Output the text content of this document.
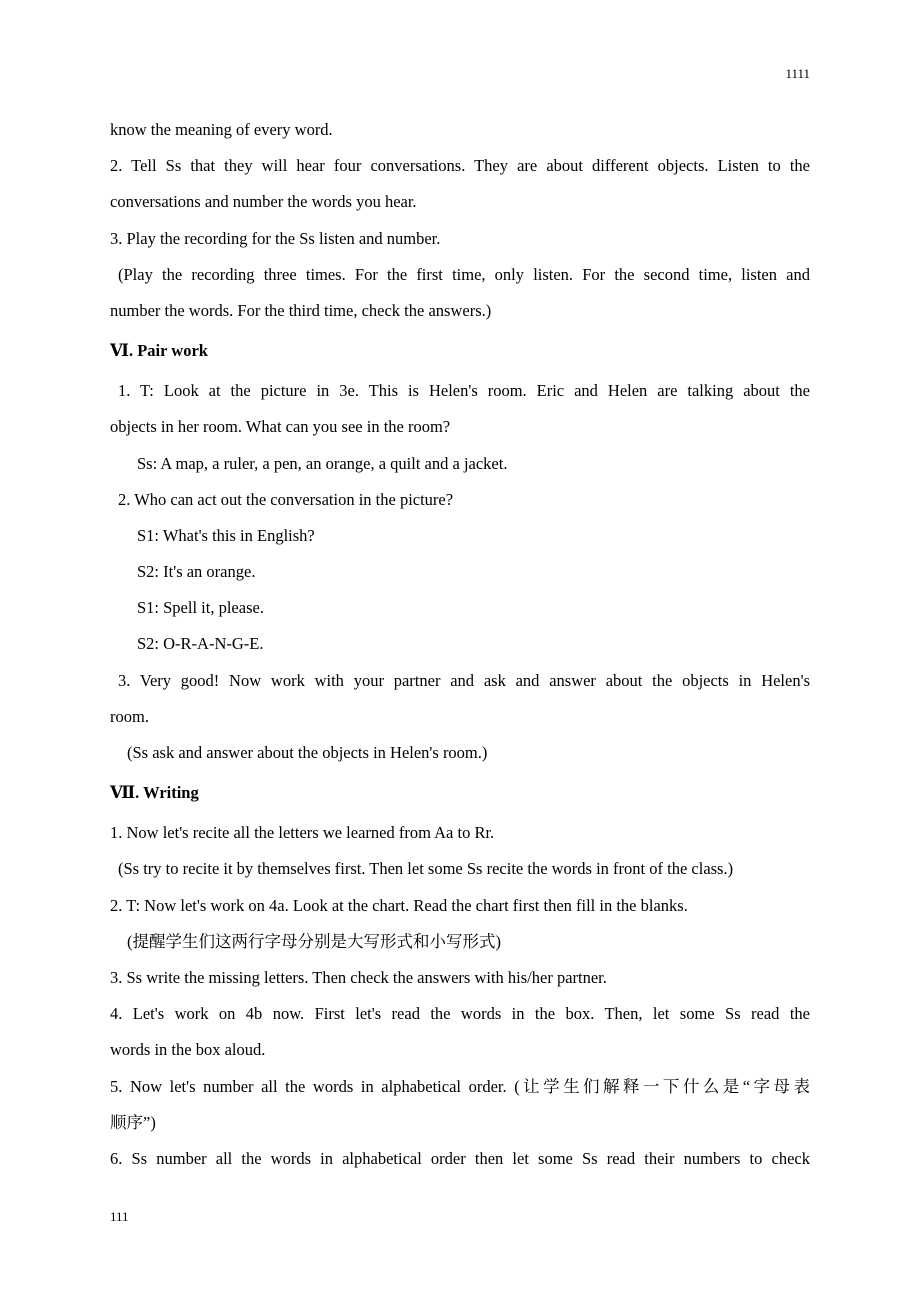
1111
know the meaning of every word.
2. Tell Ss that they will hear four conversations. They are about different objects. Listen to the
conversations and number the words you hear.
3. Play the recording for the Ss listen and number.
(Play the recording three times. For the first time, only listen. For the second time, listen and
number the words. For the third time, check the answers.)
Ⅵ. Pair work
1. T: Look at the picture in 3e. This is Helen's room. Eric and Helen are talking about the
objects in her room. What can you see in the room?
Ss: A map, a ruler, a pen, an orange, a quilt and a jacket.
2. Who can act out the conversation in the picture?
S1: What's this in English?
S2: It's an orange.
S1: Spell it, please.
S2: O-R-A-N-G-E.
3. Very good! Now work with your partner and ask and answer about the objects in Helen's
room.
(Ss ask and answer about the objects in Helen's room.)
Ⅶ. Writing
1. Now let's recite all the letters we learned from Aa to Rr.
(Ss try to recite it by themselves first. Then let some Ss recite the words in front of the class.)
2. T: Now let's work on 4a. Look at the chart. Read the chart first then fill in the blanks.
(提醒学生们这两行字母分别是大写形式和小写形式)
3. Ss write the missing letters. Then check the answers with his/her partner.
4. Let's work on 4b now. First let's read the words in the box. Then, let some Ss read the
words in the box aloud.
5. Now let's number all the words in alphabetical order. (让学生们解释一下什么是“字母表
顺序”)
6. Ss number all the words in alphabetical order then let some Ss read their numbers to check
111
